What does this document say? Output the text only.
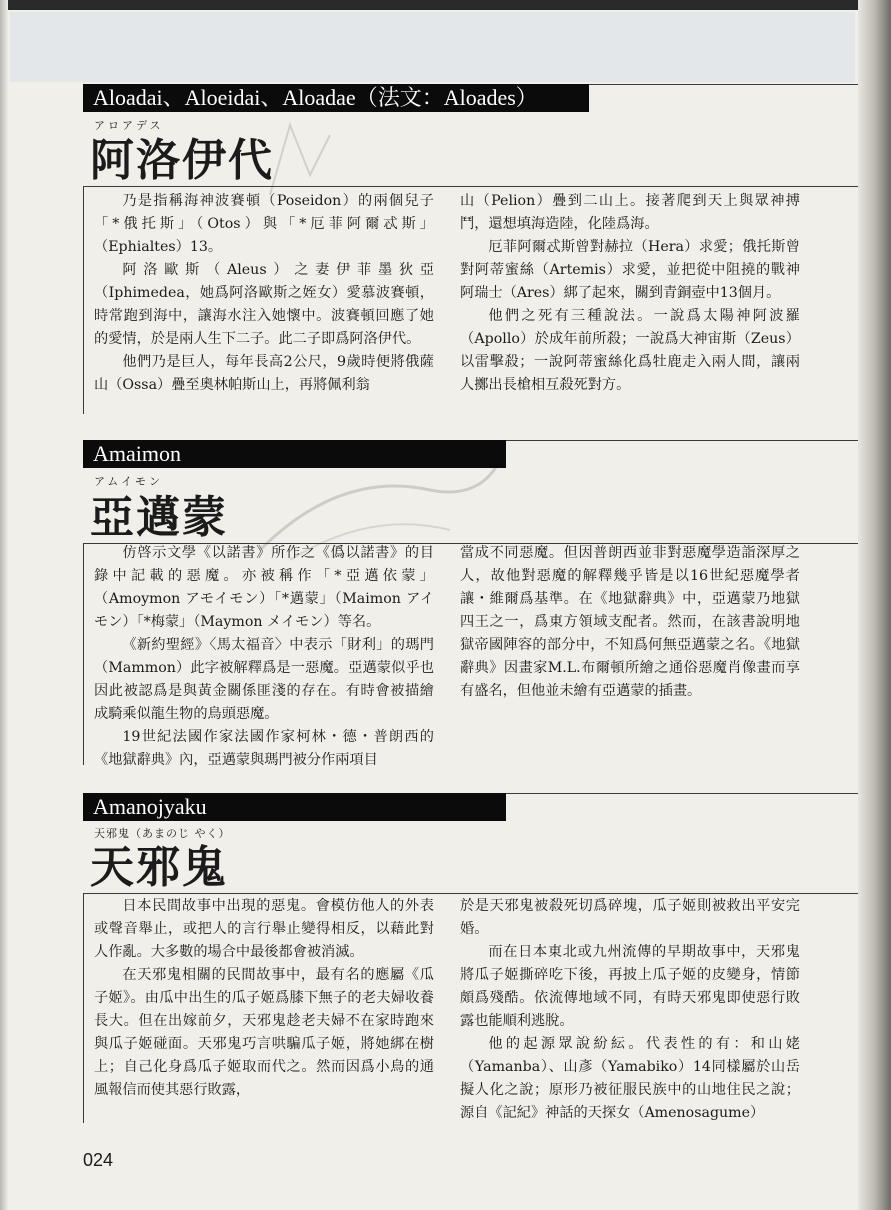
Aloadai、Aloeidai、Aloadae（法文：Aloades）
アロアデス
阿洛伊代

乃是指稱海神波賽頓（Poseidon）的兩個兒子「*俄托斯」（Otos）與「*厄菲阿爾忒斯」（Ephialtes）13。

阿洛歐斯（Aleus）之妻伊菲墨狄亞（Iphimedea，她爲阿洛歐斯之姪女）愛慕波賽頓，時常跑到海中，讓海水注入她懷中。波賽頓回應了她的愛情，於是兩人生下二子。此二子即爲阿洛伊代。

他們乃是巨人，每年長高2公尺，9歲時便將俄薩山（Ossa）疊至奧林帕斯山上，再將佩利翁

山（Pelion）疊到二山上。接著爬到天上與眾神搏鬥，還想填海造陸，化陸爲海。

厄菲阿爾忒斯曾對赫拉（Hera）求愛；俄托斯曾對阿蒂蜜絲（Artemis）求愛，並把從中阻撓的戰神阿瑞士（Ares）綁了起來，關到青銅壺中13個月。

他們之死有三種說法。一說爲太陽神阿波羅（Apollo）於成年前所殺；一說爲大神宙斯（Zeus）以雷擊殺；一說阿蒂蜜絲化爲牡鹿走入兩人間，讓兩人擲出長槍相互殺死對方。

Amaimon
アムイモン
亞邁蒙

仿啓示文學《以諾書》所作之《僞以諾書》的目錄中記載的惡魔。亦被稱作「*亞邁依蒙」（Amoymon アモイモン）「*邁蒙」（Maimon アイモン）「*梅蒙」（Maymon メイモン）等名。

《新約聖經》〈馬太福音〉中表示「財利」的瑪門（Mammon）此字被解釋爲是一惡魔。亞邁蒙似乎也因此被認爲是與黃金關係匪淺的存在。有時會被描繪成騎乘似龍生物的鳥頭惡魔。

19世紀法國作家法國作家柯林・德・普朗西的《地獄辭典》內，亞邁蒙與瑪門被分作兩項目

當成不同惡魔。但因普朗西並非對惡魔學造詣深厚之人，故他對惡魔的解釋幾乎皆是以16世紀惡魔學者讓・維爾爲基準。在《地獄辭典》中，亞邁蒙乃地獄四王之一，爲東方領域支配者。然而，在該書說明地獄帝國陣容的部分中，不知爲何無亞邁蒙之名。《地獄辭典》因畫家M.L.布爾頓所繪之通俗惡魔肖像畫而享有盛名，但他並未繪有亞邁蒙的插畫。

Amanojyaku
天邪鬼（あまのじ やく）
天邪鬼

日本民間故事中出現的惡鬼。會模仿他人的外表或聲音舉止，或把人的言行舉止變得相反，以藉此對人作亂。大多數的場合中最後都會被消滅。

在天邪鬼相關的民間故事中，最有名的應屬《瓜子姬》。由瓜中出生的瓜子姬爲膝下無子的老夫婦收養長大。但在出嫁前夕，天邪鬼趁老夫婦不在家時跑來與瓜子姬碰面。天邪鬼巧言哄騙瓜子姬，將她綁在樹上；自己化身爲瓜子姬取而代之。然而因爲小鳥的通風報信而使其惡行敗露，

於是天邪鬼被殺死切爲碎塊，瓜子姬則被救出平安完婚。

而在日本東北或九州流傳的早期故事中，天邪鬼將瓜子姬撕碎吃下後，再披上瓜子姬的皮變身，情節頗爲殘酷。依流傳地域不同，有時天邪鬼即使惡行敗露也能順利逃脫。

他的起源眾說紛紜。代表性的有：和山姥（Yamanba）、山彥（Yamabiko）14同樣屬於山岳擬人化之說；原形乃被征服民族中的山地住民之說；源自《記紀》神話的天探女（Amenosagume）

024
